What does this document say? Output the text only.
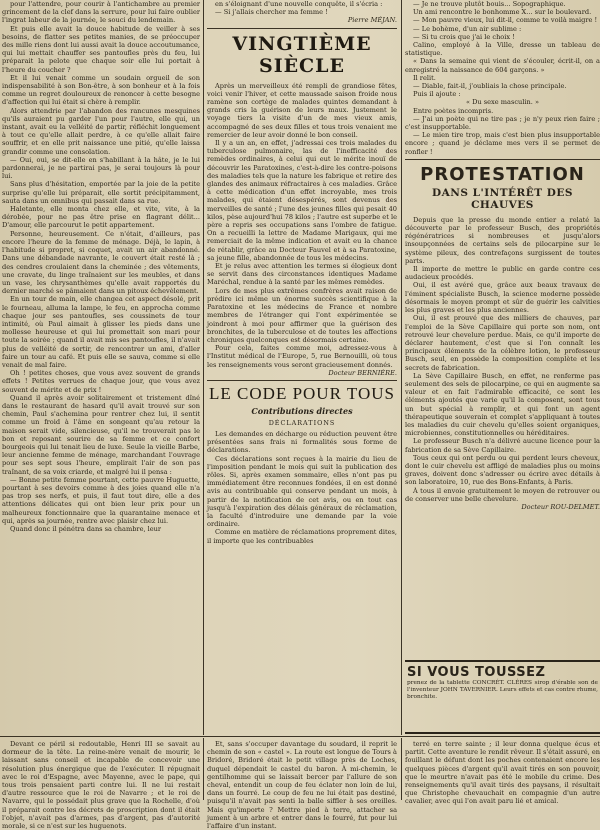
pour l'attendre, pour courir à l'antichambre au premier grincement de la clef dans la serrure, pour lui faire oublier l'ingrat labeur de la journée, le souci du lendemain.

Et puis elle avait la douce habitude de veiller à ses besoins, de flatter ses petites manies, de se préoccuper des mille riens dont lui aussi avait la douce accoutumance, qui lui mettait chauffer ses pantoufles près du feu, lui préparait la pelote que chaque soir elle lui portait à l'heure du coucher ?

Et il lui venait comme un soudain orgueil de son indispensabilité à son Bon-être, à son bonheur et à la fois comme un regret douloureux de renoncer à cette besogne d'affection qui lui était si chère à remplir.

Alors attendrie par l'abandon des rancunes mesquines qu'ils auraient pu garder l'un pour l'autre, elle qui, un instant, avait eu la velléité de partir, réfléchit longuement à tout ce qu'elle allait perdre, à ce qu'elle allait faire souffrir, et en elle prit naissance une pitié, qu'elle laissa grandir comme une consolation.

— Oui, oui, se dit-elle en s'habillant à la hâte, je le lui pardonnerai, je ne partirai pas, je serai toujours là pour lui.

Sans plus d'hésitation, emportée par la joie de la petite surprise qu'elle lui préparait, elle sortit précipitamment, sauta dans un omnibus qui passait dans sa rue.

Haletante, elle monta chez elle, et vite, vite, à la dérobée, pour ne pas être prise en flagrant délit... D'amour, elle parcourut le petit appartement.

Personne, heureusement. Ce n'était, d'ailleurs, pas encore l'heure de la femme de ménage. Déjà, le lapin, à l'habitude si propret, si coquet, avait un air abandonné. Dans une débandade navrante, le couvert était resté là ; des cendres croulaient dans la cheminée ; des vêtements, une cravate, du linge traînaient sur les meubles, et dans un vase, les chrysanthèmes qu'elle avait rapportés du dernier marché se pâmaient dans un pitoux échevèlement.

En un tour de main, elle changea cet aspect désolé, prit le fourneau, alluma la lampe, le feu, en approcha comme chaque jour ses pantoufles, ses coussinets de tour intimité, où Paul aimait à glisser les pieds dans une mollesse heureuse et qui lui promettait son mari pour toute la soirée ; quand il avait mis ses pantoufles, il n'avait plus de velléité de sortir, de rencontrer un ami, d'aller faire un tour au café. Et puis elle se sauva, comme si elle venait de mal faire.

Oh ! petites choses, que vous avez souvent de grands effets ! Petites verrues de chaque jour, que vous avez souvent de mérite et de prix !

Quand il après avoir solitairement et tristement dîné dans le restaurant de hasard qu'il avait trouvé sur son chemin, Paul s'achemina pour rentrer chez lui, il sentit comme un froid à l'âme en songeant qu'au retour la maison serait vide, silencieuse, qu'il ne trouverait pas le bon et reposant sourire de sa femme et ce confort bourgeois qui lui tenait lieu de luxe. Seule la vieille Barbe, leur ancienne femme de ménage, marchandant l'ouvrage pour ses sept sous l'heure, emplirait l'air de son pas traînant, de sa voix criarde, et malgré lui il pensa :

— Bonne petite femme pourtant, cette pauvre Huguette, pourtant à ses devoirs comme à des joies quand elle n'a pas trop ses nerfs, et puis, il faut tout dire, elle a des attentions délicates qui ont bien leur prix pour un malheureux fonctionnaire que la quarantaine menace et qui, après sa journée, rentre avec plaisir chez lui.

Quand donc il pénétra dans sa chambre, leur

en s'éloignant d'une nouvelle conquête, il s'écria :

— Si j'allais chercher ma femme !

Pierre MÉJAN.

VINGTIÈME SIÈCLE

Après un merveilleux été rempli de grandiose fêtes, voici venir l'hiver, et cette maussade saison froide nous ramène son cortège de malades quintes demandant à grands cris la guérison de leurs maux. Justement le voyage tiers la visite d'un de mes vieux amis, accompagné de ses deux filles et tous trois venaient me remercier de leur avoir donné le bon conseil.

Il y a un an, en effet, j'adressai ces trois malades du tuberculose pulmonaire, las de l'inefficacité des remèdes ordinaires, à celui qui eut le mérite inouï de découvrir les Paratoxines, c'est-à-dire les contre-poisons des maladies tels que la nature les fabrique et retire des glandes des animaux réfractaires à ces maladies. Grâce à cette médication d'un effet incroyable, mes trois malades, qui étaient désespérés, sont devenus des merveilles de santé ; l'une des jeunes filles qui pesait 40 kilos, pèse aujourd'hui 78 kilos ; l'autre est superbe et le père a repris ses occupations sans l'ombre de fatigue. On a recueilli la lettre de Madame Marigaux, qui me remerciait de la même indication et avait eu la chance de rétablir, grâce au Docteur Fauvel et à sa Paratoxine, sa jeune fille, abandonnée de tous les médecins.

Et je relus avec attention les termes si élogieux dont se servit dans des circonstances identiques Madame Maréchal, rendue à la santé par les mêmes remèdes.

Lors de mes plus extrêmes confrères avait raison de prédire ici même un énorme succès scientifique à la Paratoxine et les médecins de France et nombre membres de l'étranger qui l'ont expérimentée se joindront à moi pour affirmer que la guérison des bronchites, de la tuberculose et de toutes les affections chroniques quelconques est désormais certaine.

Pour cela, faites comme moi, adressez-vous à l'Institut médical de l'Europe, 5, rue Bernouilli, où tous les renseignements vous seront gracieusement donnés.

Docteur BERNIÈRE.

LE CODE POUR TOUS
Contributions directes
DÉCLARATIONS

Les demandes en décharge ou réduction peuvent être présentées sans frais ni formalités sous forme de déclarations.

Ces déclarations sont reçues à la mairie du lieu de l'imposition pendant le mois qui suit la publication des rôles. Si, après examen sommaire, elles n'ont pas pu immédiatement être reconnues fondées, il en est donné avis au contribuable qui conserve pendant un mois, à partir de la notification de cet avis, ou en tout cas jusqu'à l'expiration des délais généraux de réclamation, la faculté d'introduire une demande par la voie ordinaire.

Comme en matière de réclamations proprement dites, il importe que les contribuables

— Je ne trouve plutôt bouis... Sopographique.

Un ami rencontre le bonhomme X... sur le boulevard.

— Mon pauvre vieux, lui dit-il, comme te voilà maigre !

— Le bohème, d'un air sublime :

— Si tu crois que j'ai le choix !

Calino, employé à la Ville, dresse un tableau de statistique.

« Dans la semaine qui vient de s'écouler, écrit-il, on a enregistré la naissance de 604 garçons. »

Il relit.

— Diable, fait-il, j'oubliais la chose principale.

Puis il ajoute :

« Du sexe masculin. »

Entre poètes incompris.

— J'ai un poète qui ne tire pas ; je n'y peux rien faire ; c'est insupportable.

— Le mien tire trop, mais c'est bien plus insupportable encore ; quand je déclame mes vers il se permet de ronfler !

PROTESTATION
DANS L'INTÉRÊT DES CHAUVES

Depuis que la presse du monde entier a relaté la découverte par le professeur Busch, des propriétés régénératrices si nombreuses et jusqu'alors insoupçonnées de certains sels de pilocarpine sur le système pileux, des contrefaçons surgissent de toutes parts.

Il importe de mettre le public en garde contre ces audacieux procédés.

Oui, il est avéré que, grâce aux beaux travaux de l'éminent spécialiste Busch, la science moderne possède désormais le moyen prompt et sûr de guérir les calvities les plus graves et les plus anciennes.

Oui, il est prouvé que des milliers de chauves, par l'emploi de la Sève Capillaire qui porte son nom, ont retrouvé leur chevelure perdue. Mais, ce qu'il importe de déclarer hautement, c'est que si l'on connaît les principaux éléments de la célèbre lotion, le professeur Busch, seul, en possède la composition complète et les secrets de fabrication.

La Sève Capillaire Busch, en effet, ne renferme pas seulement des sels de pilocarpine, ce qui en augmente sa valeur et en fait l'admirable efficacité, ce sont les éléments ajoutés que varie qu'il la composent, sont tous un but spécial à remplir, et qui font un agent thérapeutique souverain et complet s'appliquant à toutes les maladies du cuir chevelu qu'elles soient organiques, microbiennes, constitutionnelles ou héréditaires.

Le professeur Busch n'a délivré aucune licence pour la fabrication de sa Sève Capillaire.

Tous ceux qui ont perdu ou qui perdent leurs cheveux, dont le cuir chevelu est affligé de maladies plus ou moins graves, doivent donc s'adresser ou écrire avec détails à son laboratoire, 10, rue des Bons-Enfants, à Paris.

À tous il envoie gratuitement le moyen de retrouver ou de conserver une belle chevelure.

Docteur ROU-DELMET.

SI VOUS TOUSSEZ
prenez de la tablette CONCRÉT. CLÉRES sirop d'érable son de l'inventeur JOHN TAVERNIER. Leurs effets et cas contre rhume, bronchite.

Devant ce péril si redoutable, Henri III se savait au dormeur de la tête. La reine-mère venait de mourir, le laissant sans conseil et incapable de concevoir une résolution plus énergique que de l'exécuter. Il répugnait avec le roi d'Espagne, avec Mayenne, avec le pape, qui tous trois pensaient parti contre lui. Il ne lui restait d'autre ressource que le roi de Navarre ; et le roi de Navarre, qui le possédait plus grave que la Rochelle, d'où il préparait contre les décrets de proscription dont il était l'objet, n'avait pas d'armes, pas d'argent, pas d'autorité morale, si ce n'est sur les huguenots.

Et, sans s'occuper davantage du soudard, il reprit le chemin de son « castel ». La route est longue de Tours à Bridoré, Bridoré était le petit village près de Loches, duquel dépendait le castel du baron. À mi-chemin, le gentilhomme qui se laissait bercer par l'allure de son cheval, entendit un coup de feu éclater non loin de lui, dans un fourré. Le coup de feu ne lui était pas destiné, puisqu'il n'avait pas senti la balle siffler à ses oreilles. Mais qu'importe ? Mettre pied à terre, attacher sa jument à un arbre et entrer dans le fourré, fut pour lui l'affaire d'un instant.

terré en terre sainte ; il leur donna quelque écus et partit. Cette aventure le rendit rêveur. Il s'était assuré, en fouillant le défunt dont les poches contenaient encore les quelques pièces d'argent qu'il avait tirés en son pouvoir, que le meurtre n'avait pas été le mobile du crime. Des renseignements qu'il avait tirés des paysans, il résultait que Christophe chevauchait en compagnie d'un autre cavalier, avec qui l'on avait paru lié et amical.
